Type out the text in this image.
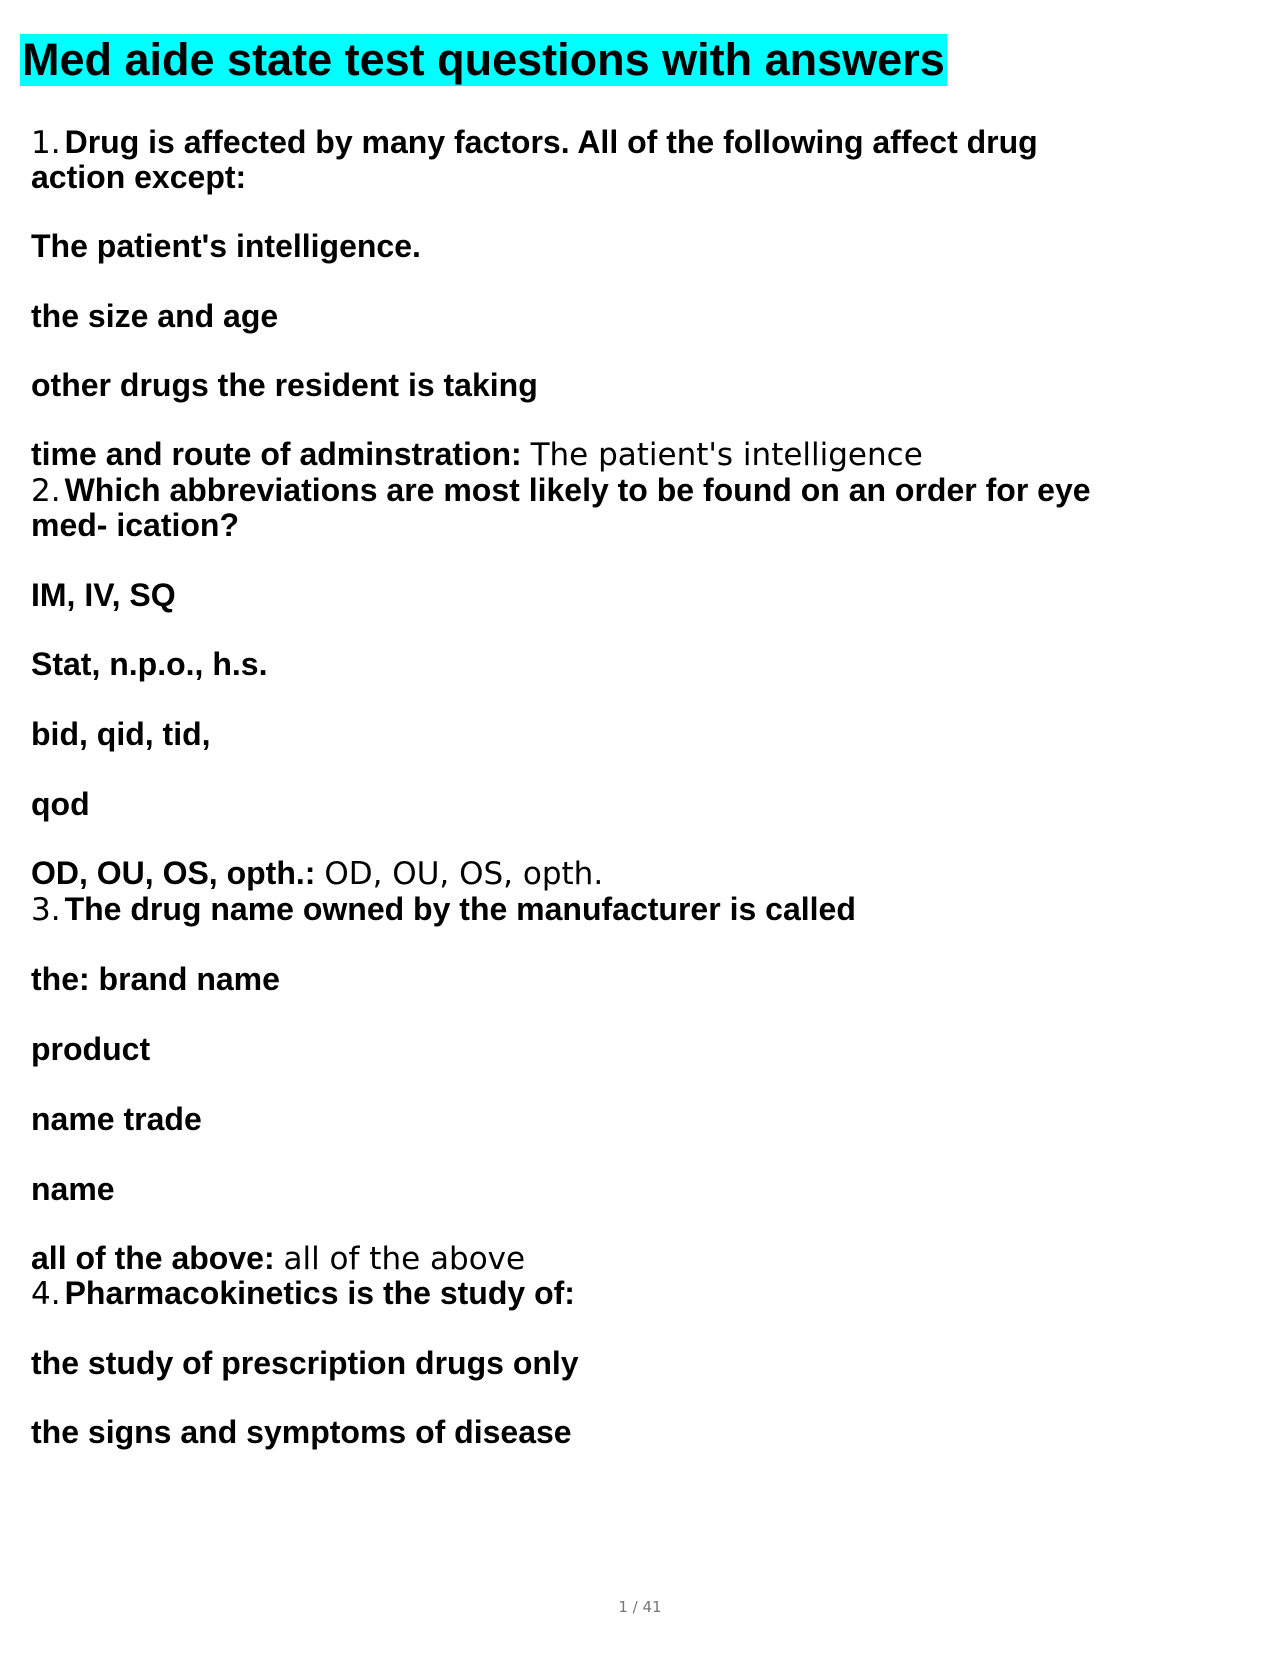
Med aide state test questions with answers
1. Drug is affected by many factors. All of the following affect drug
action except:
The patient's intelligence.
the size and age
other drugs the resident is taking
time and route of adminstration: The patient's intelligence
2. Which abbreviations are most likely to be found on an order for eye
med- ication?
IM, IV, SQ
Stat, n.p.o., h.s.
bid, qid, tid,
qod
OD, OU, OS, opth.: OD, OU, OS, opth.
3. The drug name owned by the manufacturer is called
the: brand name
product
name trade
name
all of the above: all of the above
4. Pharmacokinetics is the study of:
the study of prescription drugs only
the signs and symptoms of disease
1 / 41
